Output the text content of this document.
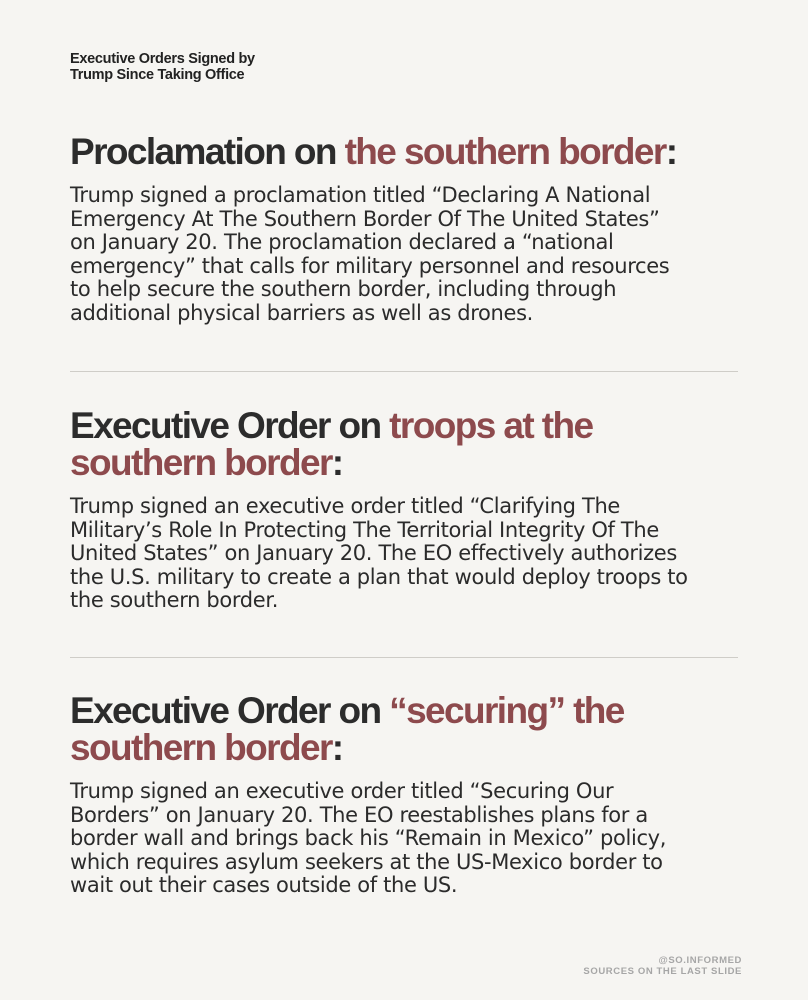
Executive Orders Signed by
Trump Since Taking Office
Proclamation on the southern border:

Trump signed a proclamation titled “Declaring A National
Emergency At The Southern Border Of The United States”
on January 20. The proclamation declared a “national
emergency” that calls for military personnel and resources
to help secure the southern border, including through
additional physical barriers as well as drones.

Executive Order on troops at the
southern border:

Trump signed an executive order titled “Clarifying The
Military’s Role In Protecting The Territorial Integrity Of The
United States” on January 20. The EO effectively authorizes
the U.S. military to create a plan that would deploy troops to
the southern border.

Executive Order on “securing” the
southern border:

Trump signed an executive order titled “Securing Our
Borders” on January 20. The EO reestablishes plans for a
border wall and brings back his “Remain in Mexico” policy,
which requires asylum seekers at the US-Mexico border to
wait out their cases outside of the US.

@SO.INFORMED
SOURCES ON THE LAST SLIDE
